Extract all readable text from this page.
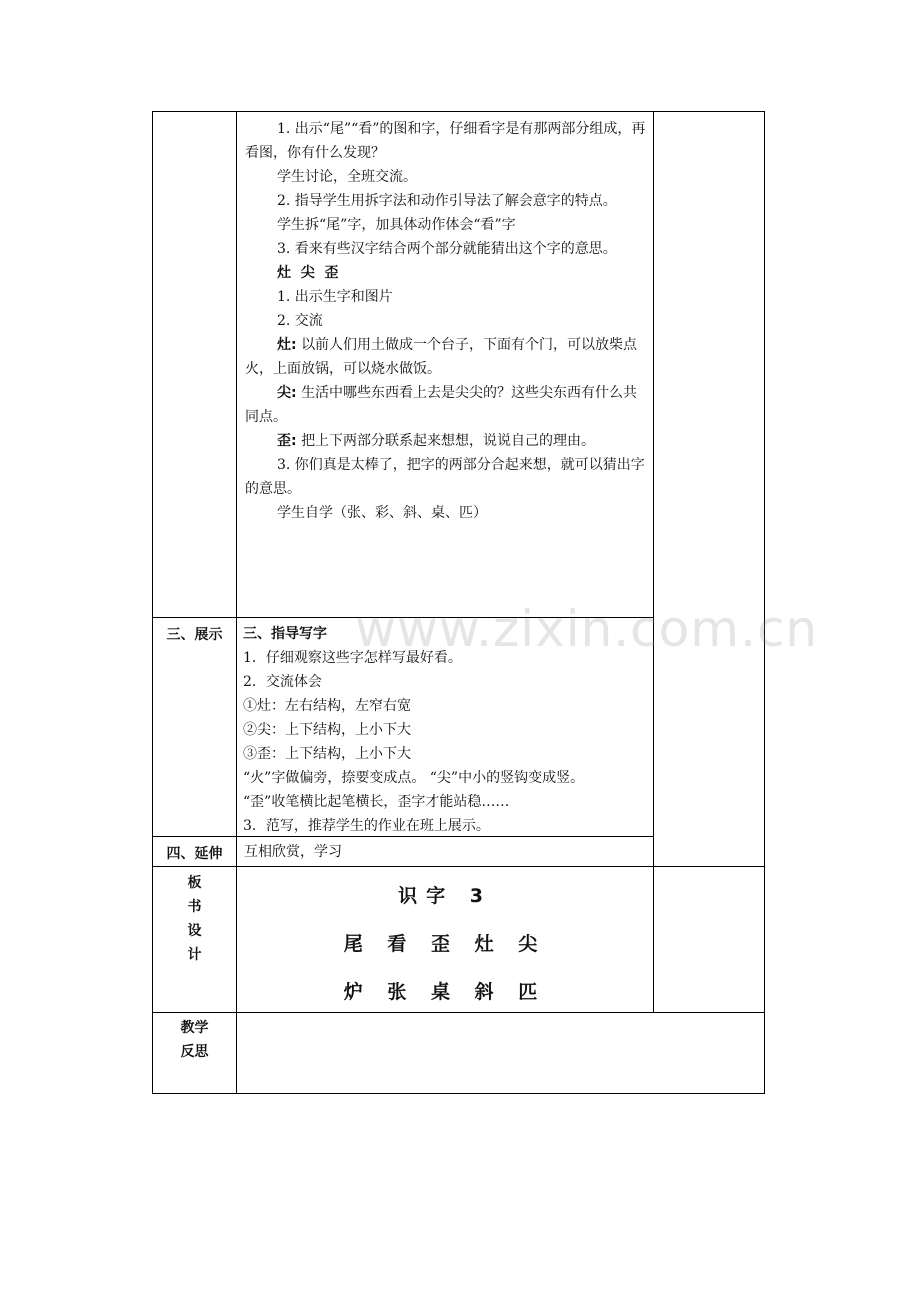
www.zixin.com.cn

1. 出示“尾”“看”的图和字，仔细看字是有那两部分组成，再看图，你有什么发现？

学生讨论，全班交流。

2. 指导学生用拆字法和动作引导法了解会意字的特点。

学生拆“尾”字，加具体动作体会“看”字

3. 看来有些汉字结合两个部分就能猜出这个字的意思。

灶  尖  歪

1. 出示生字和图片

2. 交流

灶: 以前人们用土做成一个台子，下面有个门，可以放柴点火，上面放锅，可以烧水做饭。

尖: 生活中哪些东西看上去是尖尖的？这些尖东西有什么共同点。

歪: 把上下两部分联系起来想想，说说自己的理由。

3. 你们真是太棒了，把字的两部分合起来想，就可以猜出字的意思。

学生自学（张、彩、斜、桌、匹）

三、展示	三、指导写字

1．仔细观察这些字怎样写最好看。

2．交流体会

①灶：左右结构，左窄右宽

②尖：上下结构，上小下大

③歪：上下结构，上小下大

“火”字做偏旁，捺要变成点。 “尖”中小的竖钩变成竖。

“歪”收笔横比起笔横长，歪字才能站稳……

3．范写，推荐学生的作业在班上展示。

四、延伸	互相欣赏，学习

板
书
设
计
识字 3
尾 看 歪 灶 尖
炉 张 桌 斜 匹
教学
反思
